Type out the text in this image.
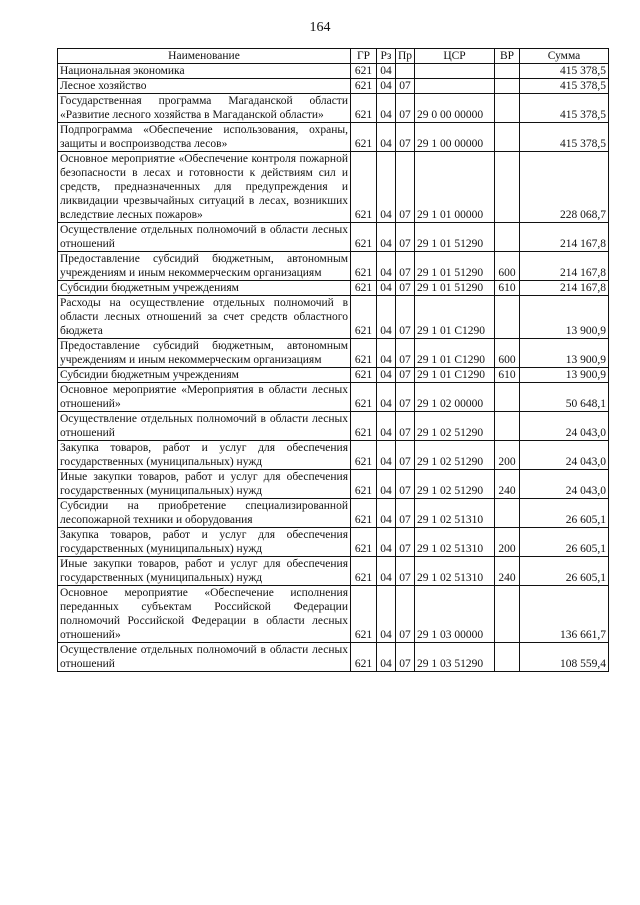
164
Наименование	ГР	Рз	Пр	ЦСР	ВР	Сумма
Национальная экономика	621	04				415 378,5
Лесное хозяйство	621	04	07			415 378,5
Государственная программа Магаданской области «Развитие лесного хозяйства в Магаданской области»	621	04	07	29 0 00 00000		415 378,5
Подпрограмма «Обеспечение использования, охраны, защиты и воспроизводства лесов»	621	04	07	29 1 00 00000		415 378,5
Основное мероприятие «Обеспечение контроля пожарной безопасности в лесах и готовности к действиям сил и средств, предназначенных для предупреждения и ликвидации чрезвычайных ситуаций в лесах, возникших вследствие лесных пожаров»	621	04	07	29 1 01 00000		228 068,7
Осуществление отдельных полномочий в области лесных отношений	621	04	07	29 1 01 51290		214 167,8
Предоставление субсидий бюджетным, автономным учреждениям и иным некоммерческим организациям	621	04	07	29 1 01 51290	600	214 167,8
Субсидии бюджетным учреждениям	621	04	07	29 1 01 51290	610	214 167,8
Расходы на осуществление отдельных полномочий в области лесных отношений за счет средств областного бюджета	621	04	07	29 1 01 С1290		13 900,9
Предоставление субсидий бюджетным, автономным учреждениям и иным некоммерческим организациям	621	04	07	29 1 01 С1290	600	13 900,9
Субсидии бюджетным учреждениям	621	04	07	29 1 01 С1290	610	13 900,9
Основное мероприятие «Мероприятия в области лесных отношений»	621	04	07	29 1 02 00000		50 648,1
Осуществление отдельных полномочий в области лесных отношений	621	04	07	29 1 02 51290		24 043,0
Закупка товаров, работ и услуг для обеспечения государственных (муниципальных) нужд	621	04	07	29 1 02 51290	200	24 043,0
Иные закупки товаров, работ и услуг для обеспечения государственных (муниципальных) нужд	621	04	07	29 1 02 51290	240	24 043,0
Субсидии на приобретение специализированной лесопожарной техники и оборудования	621	04	07	29 1 02 51310		26 605,1
Закупка товаров, работ и услуг для обеспечения государственных (муниципальных) нужд	621	04	07	29 1 02 51310	200	26 605,1
Иные закупки товаров, работ и услуг для обеспечения государственных (муниципальных) нужд	621	04	07	29 1 02 51310	240	26 605,1
Основное мероприятие «Обеспечение исполнения переданных субъектам Российской Федерации полномочий Российской Федерации в области лесных отношений»	621	04	07	29 1 03 00000		136 661,7
Осуществление отдельных полномочий в области лесных отношений	621	04	07	29 1 03 51290		108 559,4
